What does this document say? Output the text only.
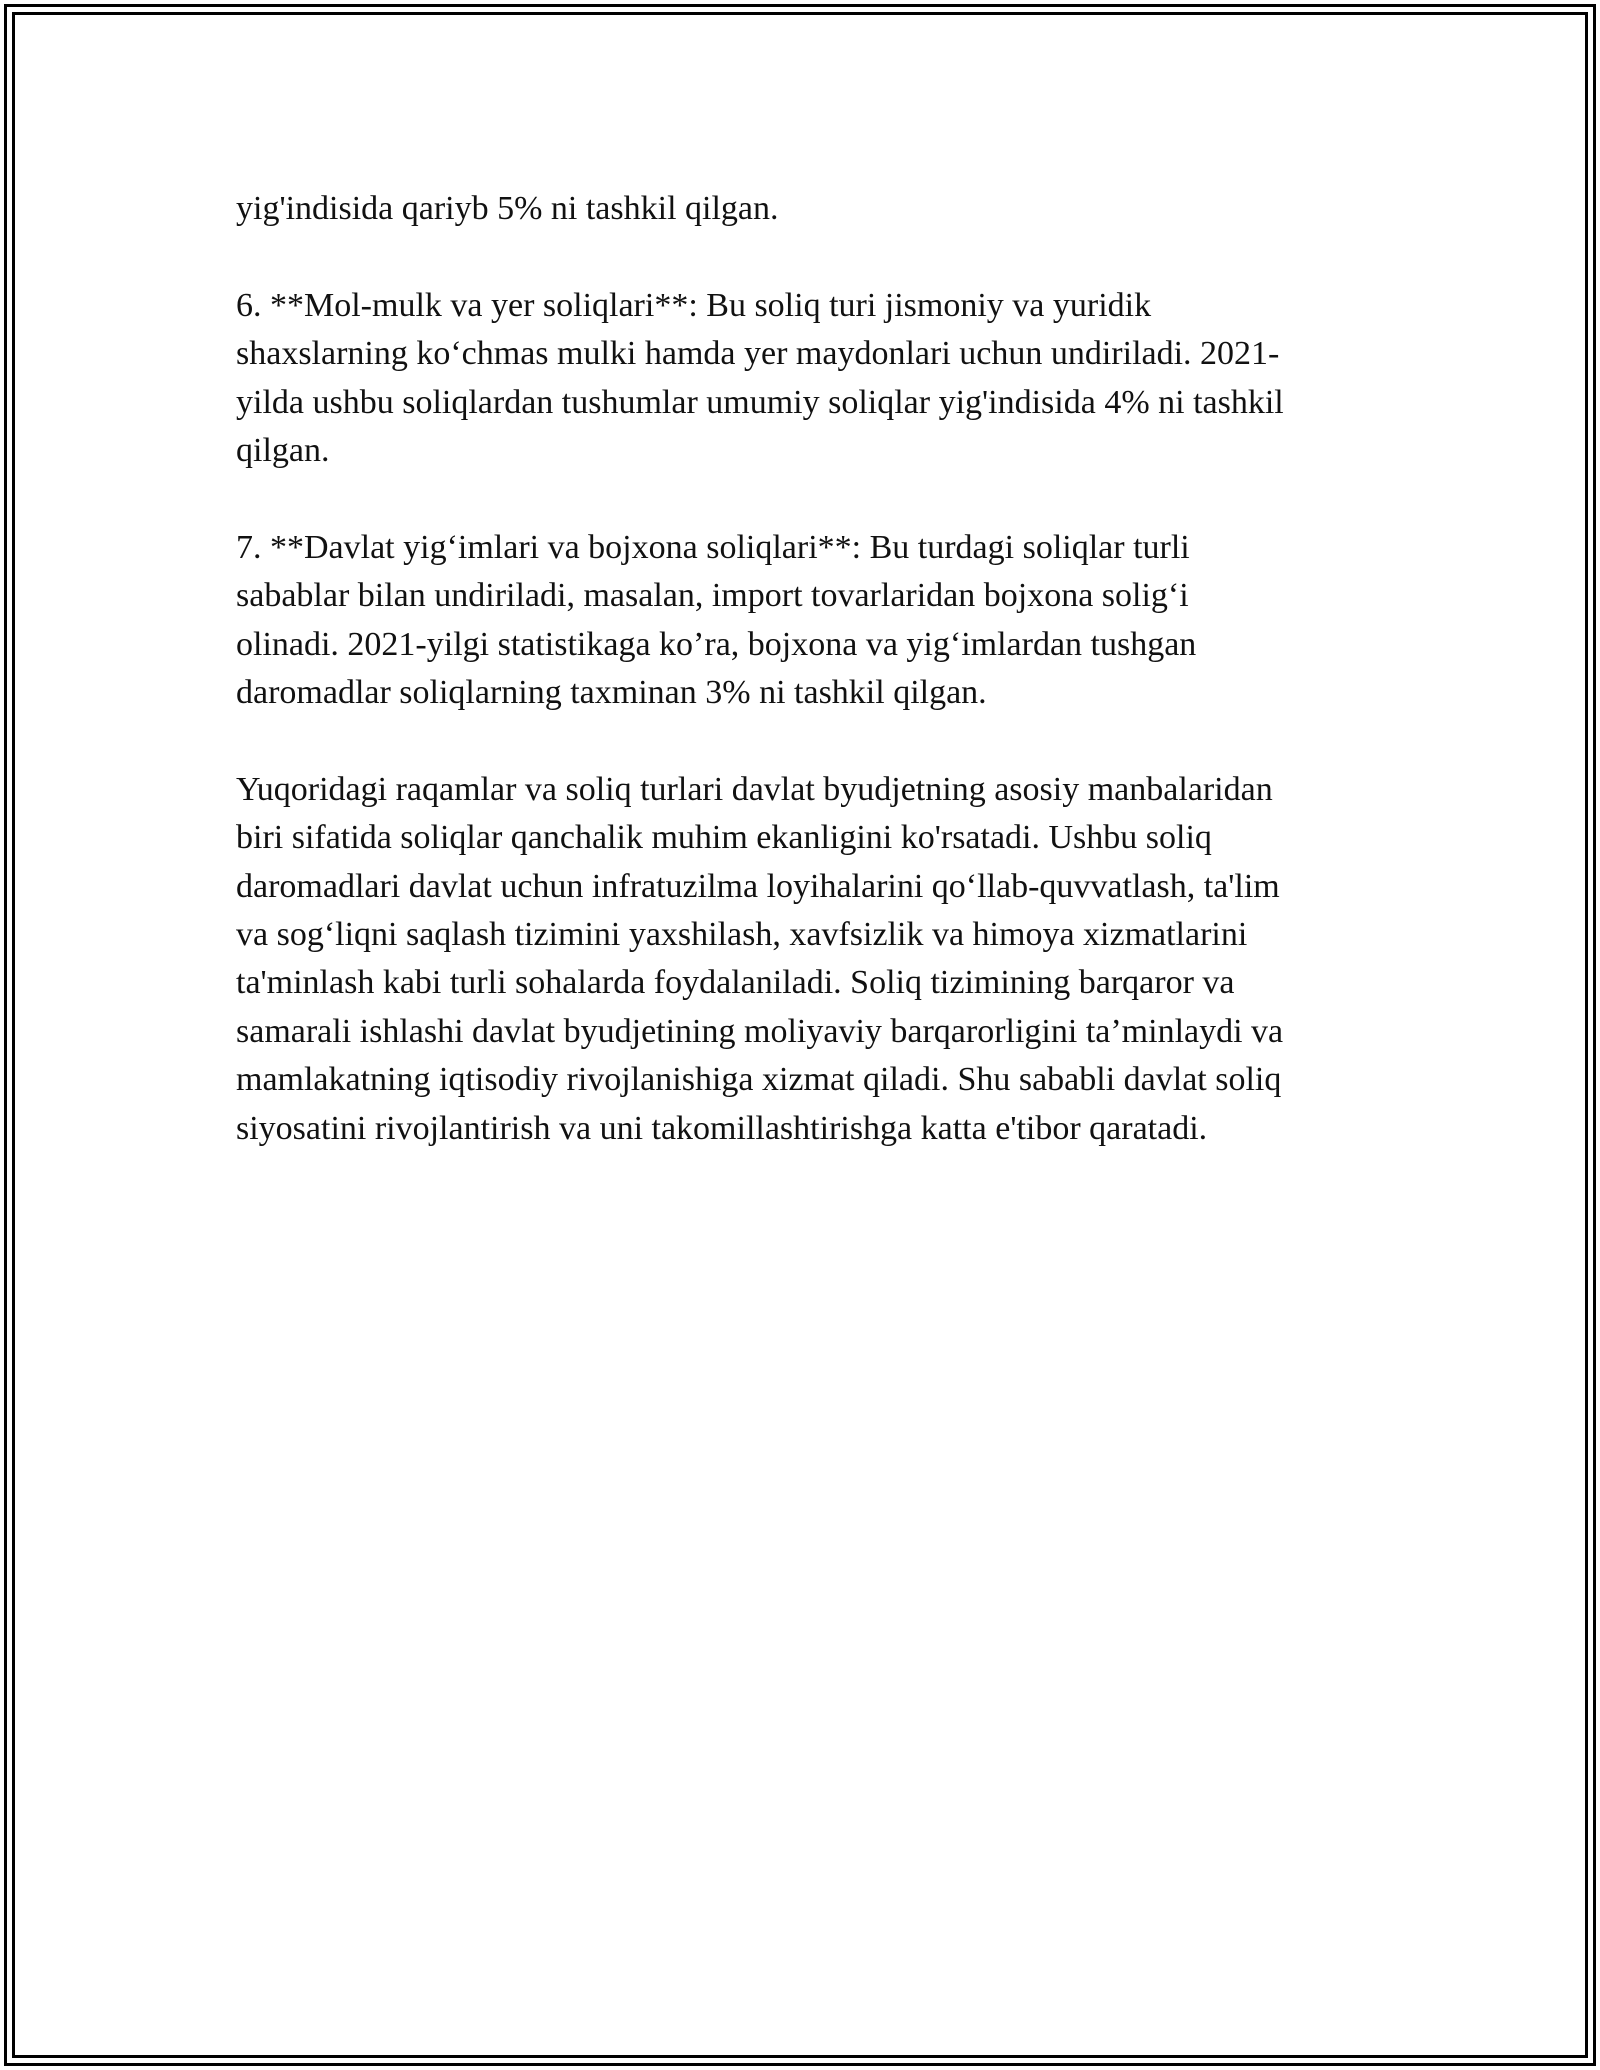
yig'indisida qariyb 5% ni tashkil qilgan.

6. **Mol-mulk va yer soliqlari**: Bu soliq turi jismoniy va yuridik
shaxslarning ko‘chmas mulki hamda yer maydonlari uchun undiriladi. 2021-
yilda ushbu soliqlardan tushumlar umumiy soliqlar yig'indisida 4% ni tashkil
qilgan.

7. **Davlat yig‘imlari va bojxona soliqlari**: Bu turdagi soliqlar turli
sabablar bilan undiriladi, masalan, import tovarlaridan bojxona solig‘i
olinadi. 2021-yilgi statistikaga ko’ra, bojxona va yig‘imlardan tushgan
daromadlar soliqlarning taxminan 3% ni tashkil qilgan.

Yuqoridagi raqamlar va soliq turlari davlat byudjetning asosiy manbalaridan
biri sifatida soliqlar qanchalik muhim ekanligini ko'rsatadi. Ushbu soliq
daromadlari davlat uchun infratuzilma loyihalarini qo‘llab-quvvatlash, ta'lim
va sog‘liqni saqlash tizimini yaxshilash, xavfsizlik va himoya xizmatlarini
ta'minlash kabi turli sohalarda foydalaniladi. Soliq tizimining barqaror va
samarali ishlashi davlat byudjetining moliyaviy barqarorligini ta’minlaydi va
mamlakatning iqtisodiy rivojlanishiga xizmat qiladi. Shu sababli davlat soliq
siyosatini rivojlantirish va uni takomillashtirishga katta e'tibor qaratadi.
